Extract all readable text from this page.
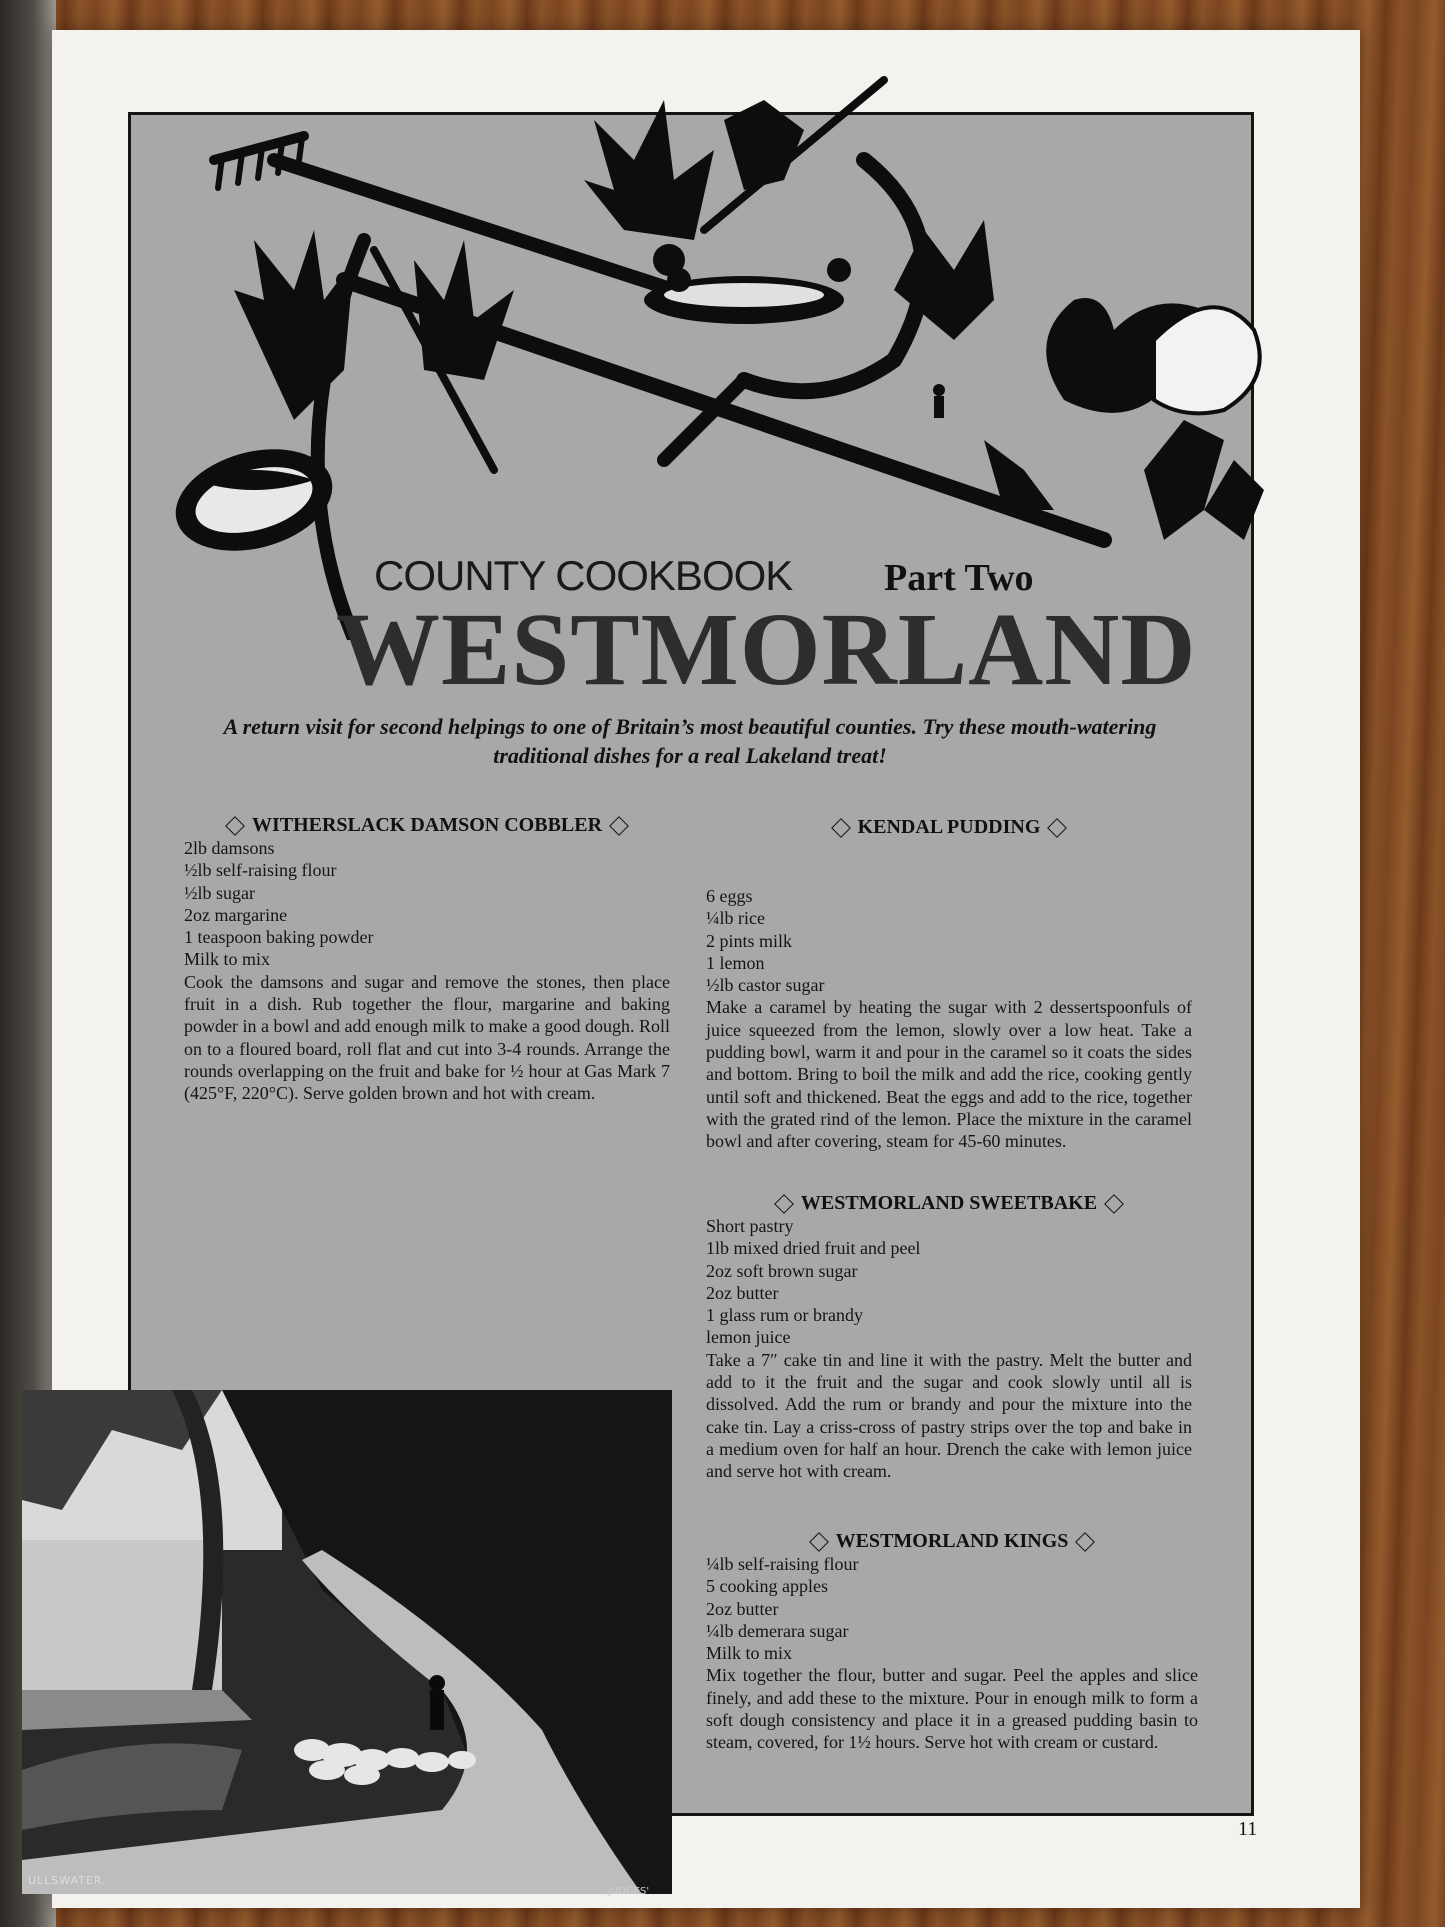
COUNTY COOKBOOK Part Two
WESTMORLAND
A return visit for second helpings to one of Britain’s most beautiful counties. Try these mouth-watering traditional dishes for a real Lakeland treat!
WITHERSLACK DAMSON COBBLER
2lb damsons
½lb self-raising flour
½lb sugar
2oz margarine
1 teaspoon baking powder
Milk to mix

Cook the damsons and sugar and remove the stones, then place fruit in a dish. Rub together the flour, margarine and baking powder in a bowl and add enough milk to make a good dough. Roll on to a floured board, roll flat and cut into 3-4 rounds. Arrange the rounds overlapping on the fruit and bake for ½ hour at Gas Mark 7 (425°F, 220°C). Serve golden brown and hot with cream.

KENDAL PUDDING
6 eggs
¼lb rice
2 pints milk
1 lemon
½lb castor sugar

Make a caramel by heating the sugar with 2 dessertspoonfuls of juice squeezed from the lemon, slowly over a low heat. Take a pudding bowl, warm it and pour in the caramel so it coats the sides and bottom. Bring to boil the milk and add the rice, cooking gently until soft and thickened. Beat the eggs and add to the rice, together with the grated rind of the lemon. Place the mixture in the caramel bowl and after covering, steam for 45-60 minutes.

WESTMORLAND SWEETBAKE
Short pastry
1lb mixed dried fruit and peel
2oz soft brown sugar
2oz butter
1 glass rum or brandy
lemon juice

Take a 7″ cake tin and line it with the pastry. Melt the butter and add to it the fruit and the sugar and cook slowly until all is dissolved. Add the rum or brandy and pour the mixture into the cake tin. Lay a criss-cross of pastry strips over the top and bake in a medium oven for half an hour. Drench the cake with lemon juice and serve hot with cream.

WESTMORLAND KINGS
¼lb self-raising flour
5 cooking apples
2oz butter
¼lb demerara sugar
Milk to mix

Mix together the flour, butter and sugar. Peel the apples and slice finely, and add these to the mixture. Pour in enough milk to form a soft dough consistency and place it in a greased pudding basin to steam, covered, for 1½ hours. Serve hot with cream or custard.

ULLSWATER.
JUDGES'
11
